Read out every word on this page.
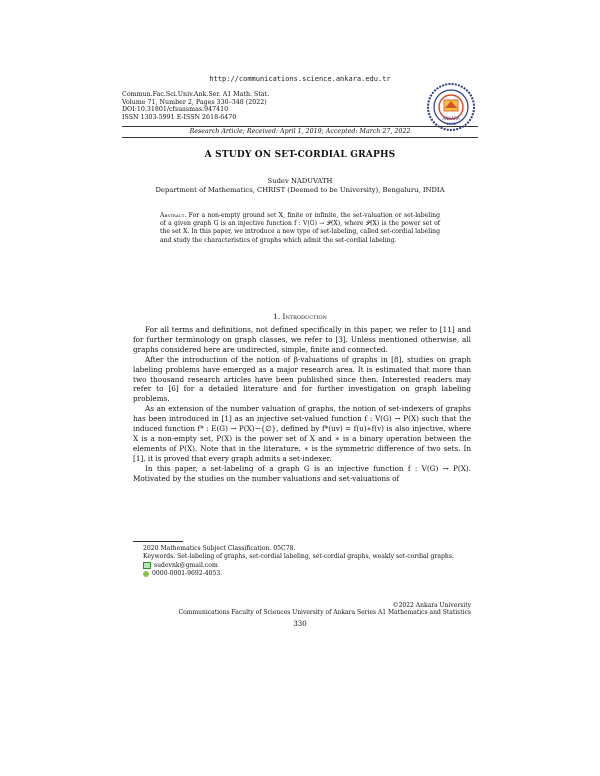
http://communications.science.ankara.edu.tr
Commun.Fac.Sci.Univ.Ank.Ser. A1 Math. Stat.
Volume 71, Number 2, Pages 330–348 (2022)
DOI:10.31801/cfsuasmas.947410
ISSN 1303-5991 E-ISSN 2618-6470	ANKARA
1946
Research Article; Received: April 1, 2019; Accepted: March 27, 2022
A STUDY ON SET-CORDIAL GRAPHS
Sudev NADUVATH
Department of Mathematics, CHRIST (Deemed to be University), Bengaluru, INDIA

Abstract. For a non-empty ground set X, finite or infinite, the set-valuation or set-labeling of a given graph G is an injective function f : V(G) → 𝒫(X), where 𝒫(X) is the power set of the set X. In this paper, we introduce a new type of set-labeling, called set-cordial labeling and study the characteristics of graphs which admit the set-cordial labeling.

1. Introduction

For all terms and definitions, not defined specifically in this paper, we refer to [11] and for further terminology on graph classes, we refer to [3]. Unless mentioned otherwise, all graphs considered here are undirected, simple, finite and connected.

After the introduction of the notion of β-valuations of graphs in [8], studies on graph labeling problems have emerged as a major research area. It is estimated that more than two thousand research articles have been published since then. Interested readers may refer to [6] for a detailed literature and for further investigation on graph labeling problems.

As an extension of the number valuation of graphs, the notion of set-indexers of graphs has been introduced in [1] as an injective set-valued function f : V(G) → P(X) such that the induced function f* : E(G) → P(X)−{∅}, defined by f*(uv) = f(u)∗f(v) is also injective, where X is a non-empty set, P(X) is the power set of X and ∗ is a binary operation between the elements of P(X). Note that in the literature, ∗ is the symmetric difference of two sets. In [1], it is proved that every graph admits a set-indexer.

In this paper, a set-labeling of a graph G is an injective function f : V(G) → P(X). Motivated by the studies on the number valuations and set-valuations of

2020 Mathematics Subject Classification. 05C78.
Keywords. Set-labeling of graphs, set-cordial labeling, set-cordial graphs, weakly set-cordial graphs.
sudevnk@gmail.com
0000-0001-9692-4053.
©2022 Ankara University
Communications Faculty of Sciences University of Ankara Series A1 Mathematics and Statistics
330
